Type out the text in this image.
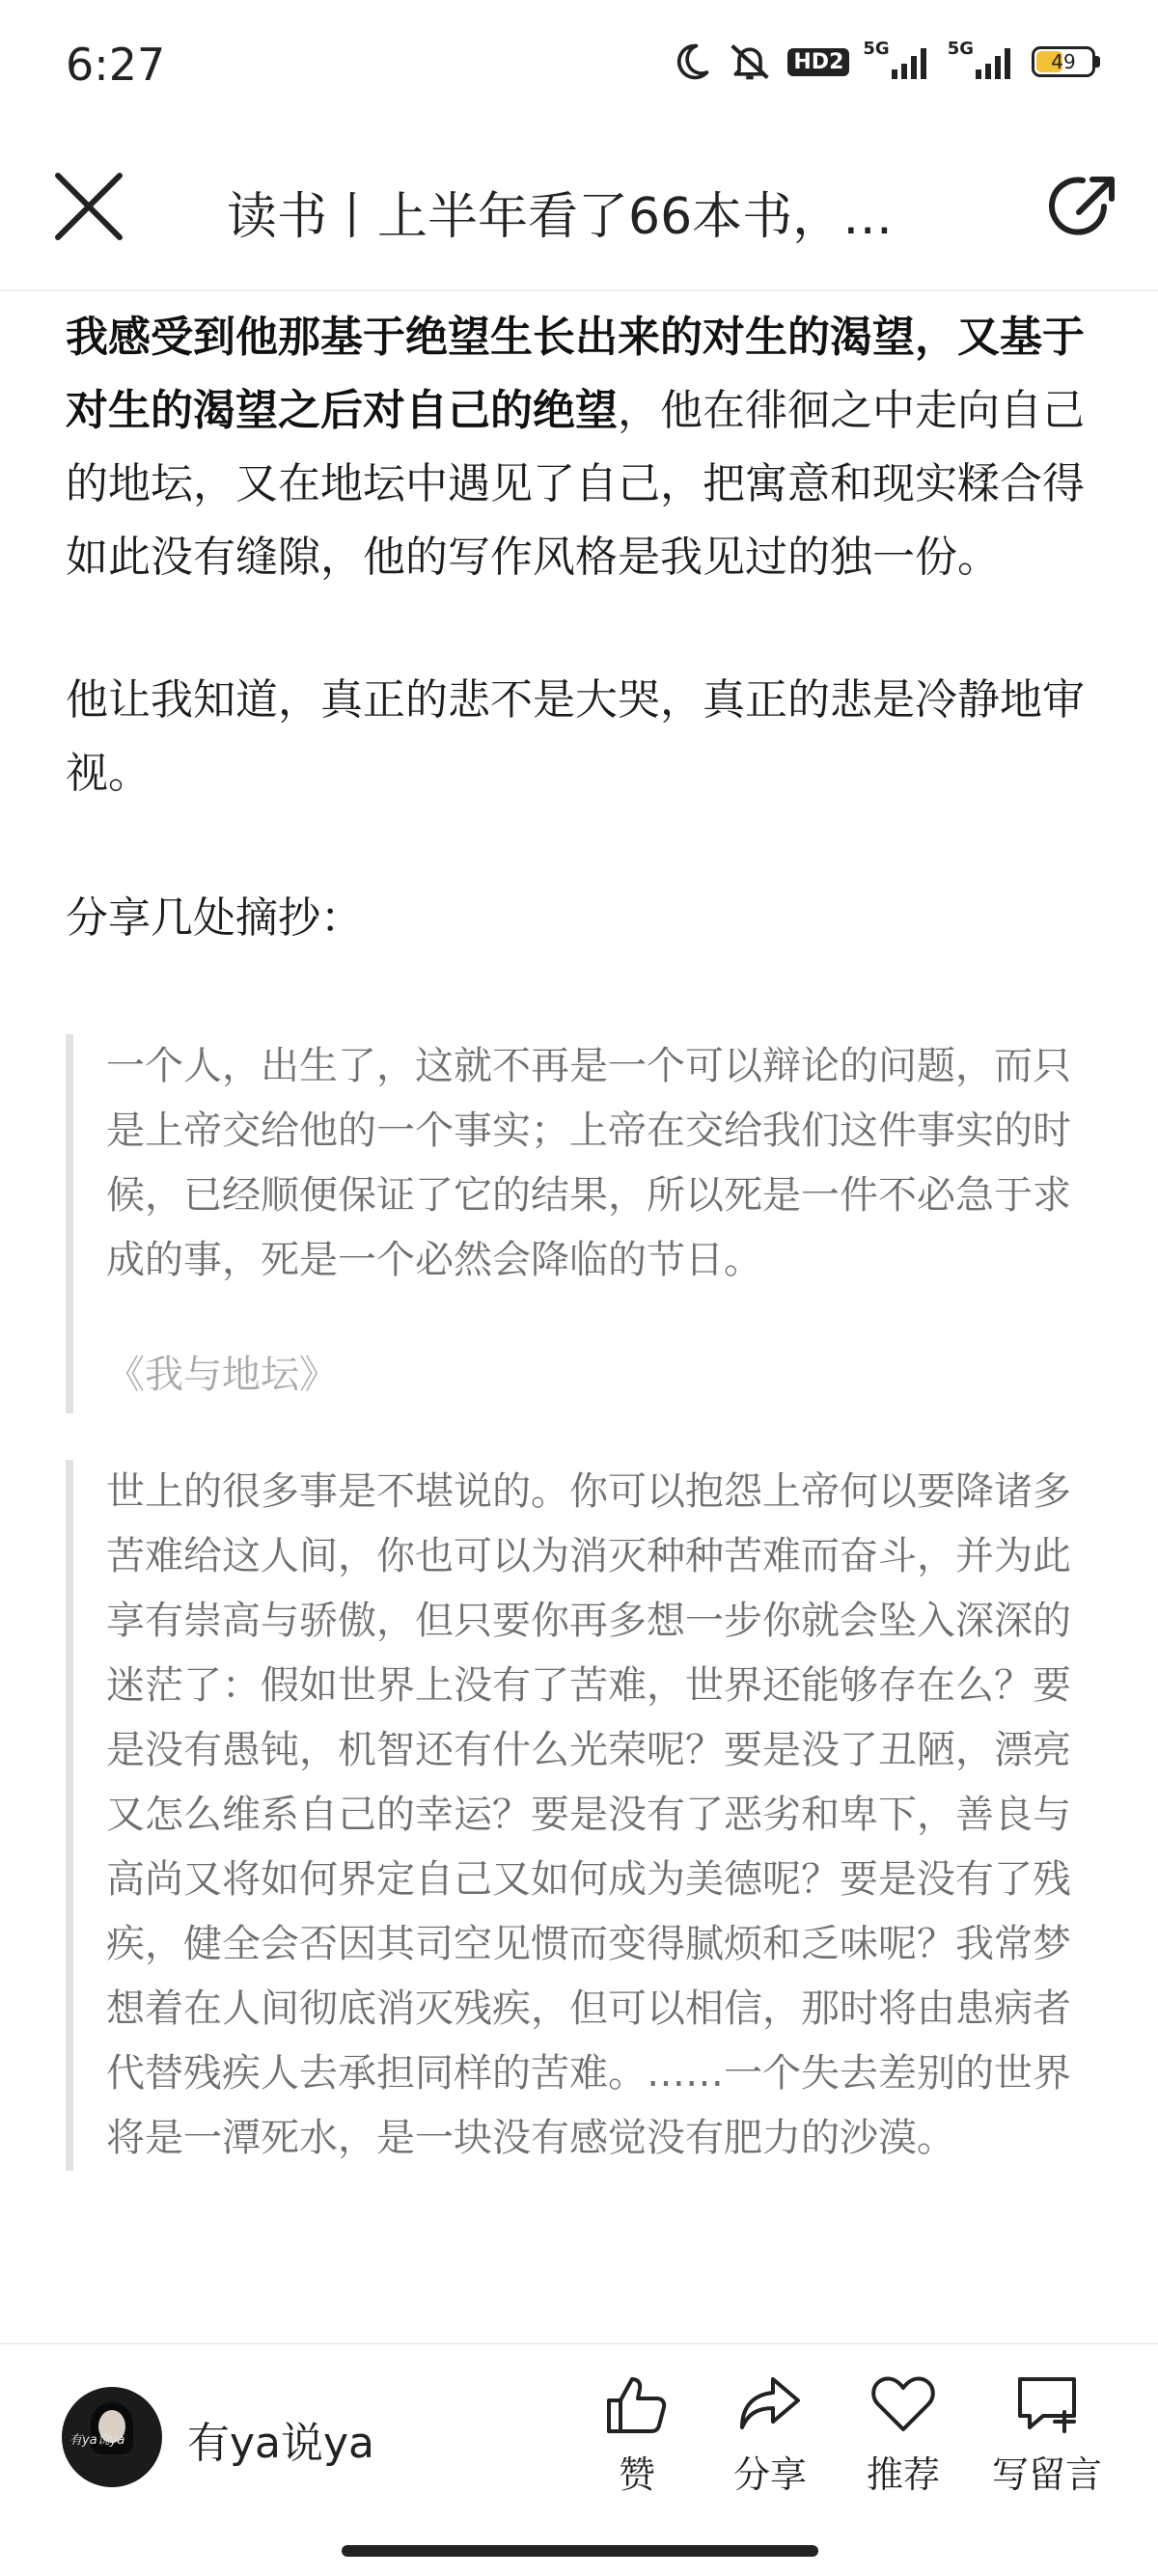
6:27	HD2
5G	5G
49
读书丨上半年看了66本书，…

我感受到他那基于绝望生长出来的对生的渴望，又基于对生的渴望之后对自己的绝望，他在徘徊之中走向自己的地坛，又在地坛中遇见了自己，把寓意和现实糅合得如此没有缝隙，他的写作风格是我见过的独一份。

他让我知道，真正的悲不是大哭，真正的悲是冷静地审视。

分享几处摘抄：

一个人，出生了，这就不再是一个可以辩论的问题，而只是上帝交给他的一个事实；上帝在交给我们这件事实的时候，已经顺便保证了它的结果，所以死是一件不必急于求成的事，死是一个必然会降临的节日。

《我与地坛》

世上的很多事是不堪说的。你可以抱怨上帝何以要降诸多苦难给这人间，你也可以为消灭种种苦难而奋斗，并为此享有崇高与骄傲，但只要你再多想一步你就会坠入深深的迷茫了：假如世界上没有了苦难，世界还能够存在么？要是没有愚钝，机智还有什么光荣呢？要是没了丑陋，漂亮又怎么维系自己的幸运？要是没有了恶劣和卑下，善良与高尚又将如何界定自己又如何成为美德呢？要是没有了残疾，健全会否因其司空见惯而变得腻烦和乏味呢？我常梦想着在人间彻底消灭残疾，但可以相信，那时将由患病者代替残疾人去承担同样的苦难。……一个失去差别的世界将是一潭死水，是一块没有感觉没有肥力的沙漠。

有ya说ya 有ya说ya
赞 分享 推荐 写留言
